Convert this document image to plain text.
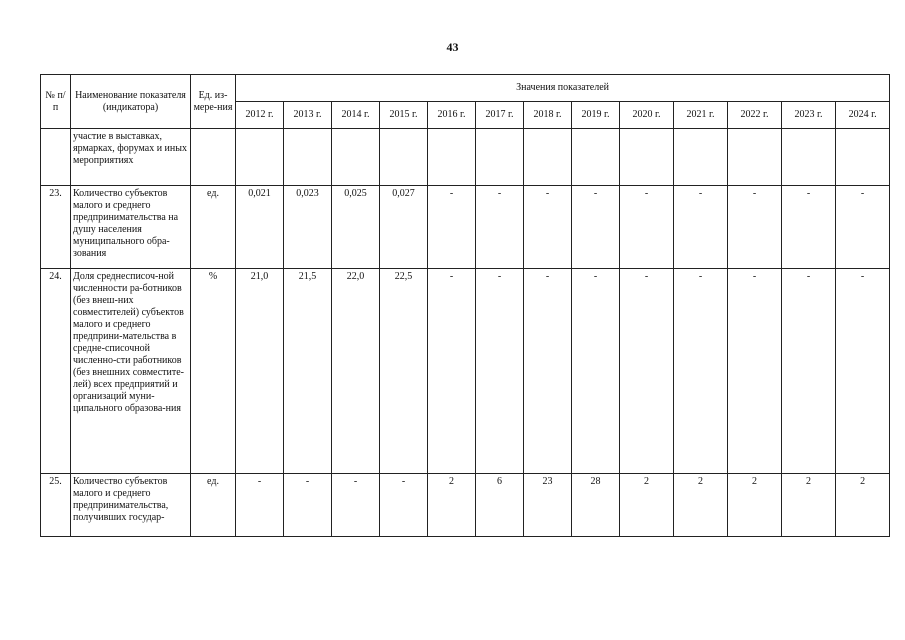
43
№ п/п	Наименование показателя (индикатора)	Ед. из-мере-ния	Значения показателей												
			2012 г.	2013 г.	2014 г.	2015 г.	2016 г.	2017 г.	2018 г.	2019 г.	2020 г.	2021 г.	2022 г.	2023 г.	2024 г.
	участие в выставках, ярмарках, форумах и иных мероприятиях														
23.	Количество субъектов малого и среднего предпринимательства на душу населения муниципального обра-зования	ед.	0,021	0,023	0,025	0,027	-	-	-	-	-	-	-	-	-
24.	Доля среднесписоч-ной численности ра-ботников (без внеш-них совместителей) субъектов малого и среднего предприни-мательства в средне-списочной численно-сти работников (без внешних совместите-лей) всех предприятий и организаций муни-ципального образова-ния	%	21,0	21,5	22,0	22,5	-	-	-	-	-	-	-	-	-
25.	Количество субъектов малого и среднего предпринимательства, получивших государ-	ед.	-	-	-	-	2	6	23	28	2	2	2	2	2
